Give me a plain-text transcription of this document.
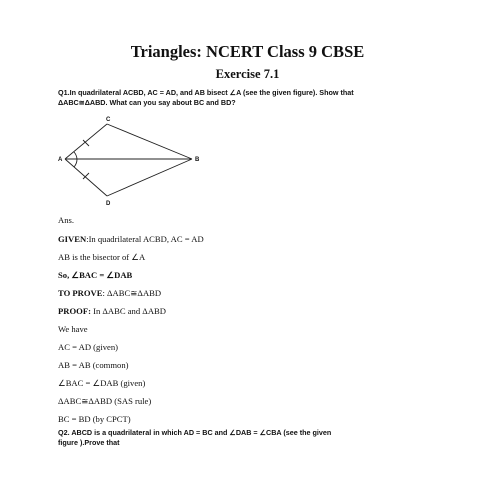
Triangles: NCERT Class 9 CBSE
Exercise 7.1
Q1.In quadrilateral ACBD, AC = AD, and AB bisect ∠A (see the given figure). Show that
ΔABC≅ΔABD. What can you say about BC and BD?
A	B
C
D
Ans.
GIVEN:In quadrilateral ACBD, AC = AD
AB is the bisector of ∠A
So, ∠BAC = ∠DAB
TO PROVE: ΔABC≅ΔABD
PROOF: In ΔABC and ΔABD
We have
AC = AD (given)
AB = AB (common)
∠BAC = ∠DAB (given)
ΔABC≅ΔABD (SAS rule)
BC = BD (by CPCT)
Q2. ABCD is a quadrilateral in which AD = BC and ∠DAB = ∠CBA (see the given
figure ).Prove that
